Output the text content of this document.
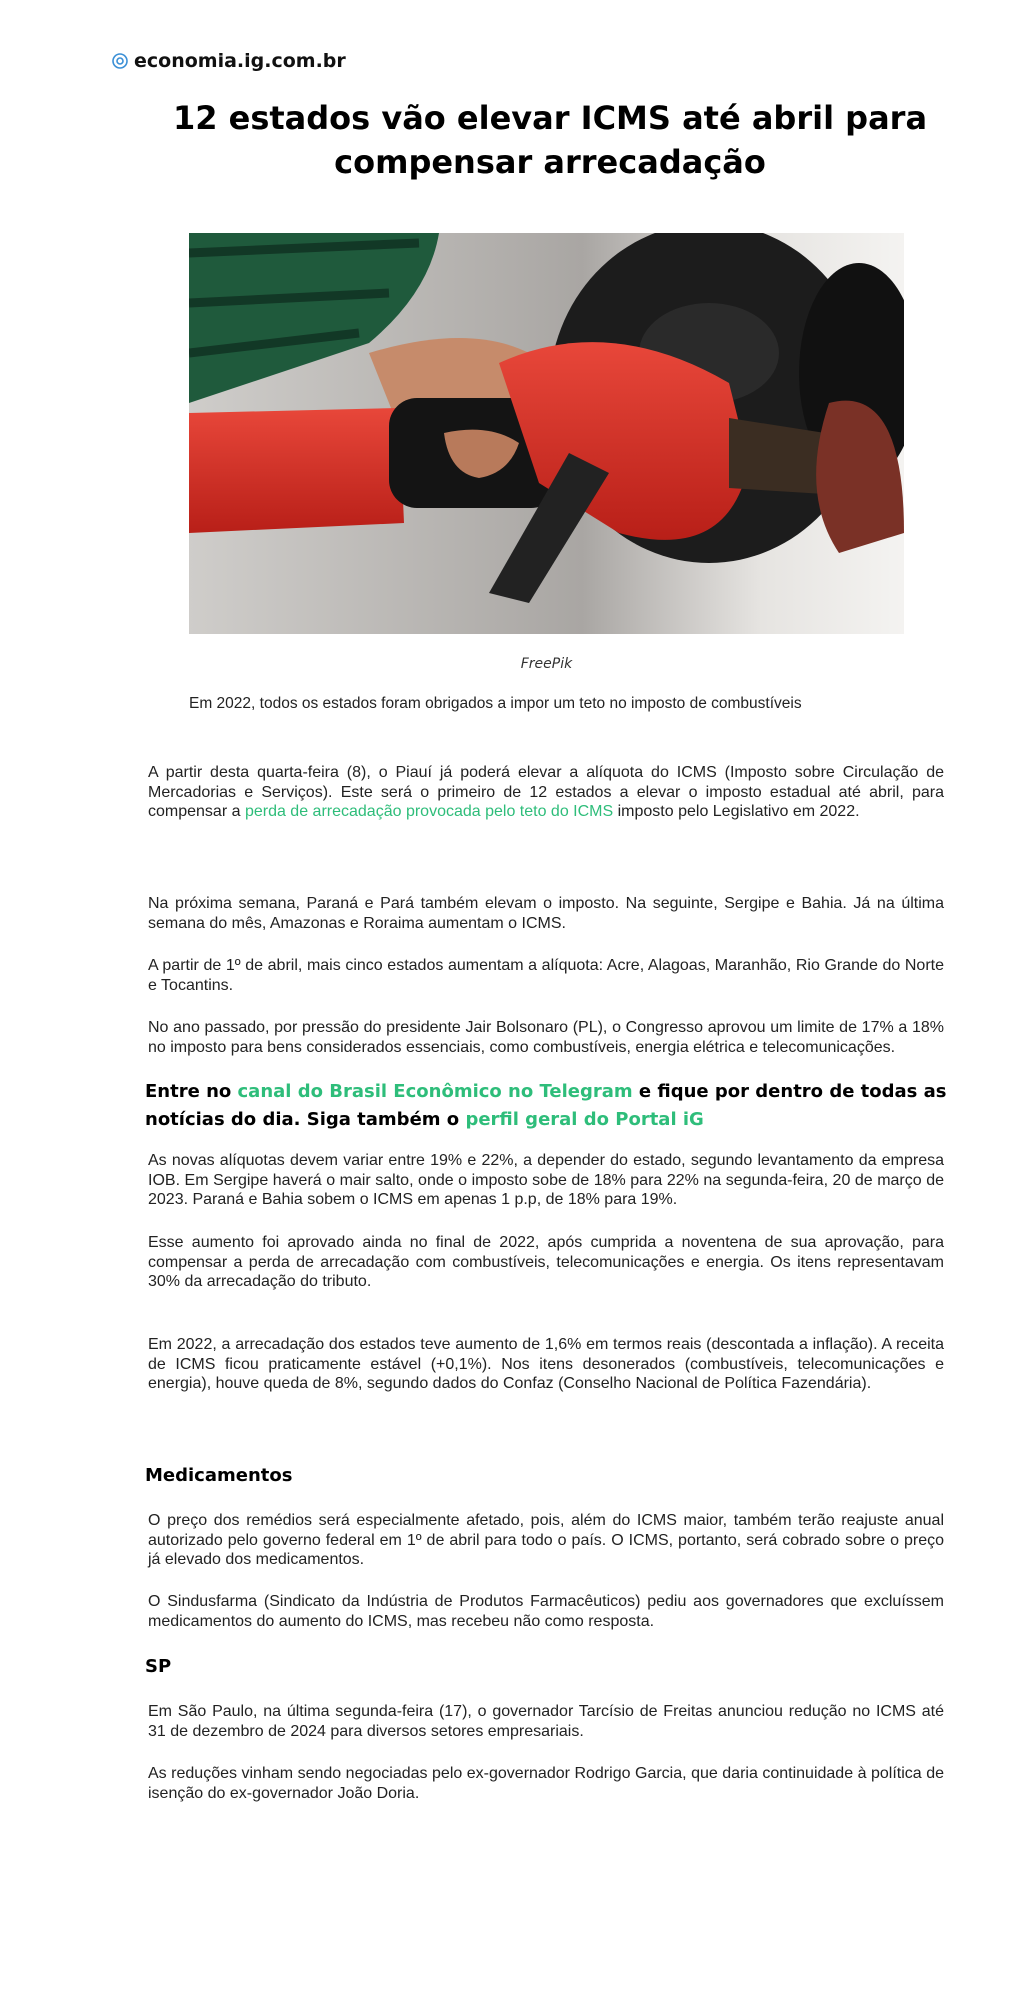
economia.ig.com.br
12 estados vão elevar ICMS até abril para compensar arrecadação
FreePik
Em 2022, todos os estados foram obrigados a impor um teto no imposto de combustíveis

A partir desta quarta-feira (8), o Piauí já poderá elevar a alíquota do ICMS (Imposto sobre Circulação de Mercadorias e Serviços). Este será o primeiro de 12 estados a elevar o imposto estadual até abril, para compensar a perda de arrecadação provocada pelo teto do ICMS imposto pelo Legislativo em 2022.

Na próxima semana, Paraná e Pará também elevam o imposto. Na seguinte, Sergipe e Bahia. Já na última semana do mês, Amazonas e Roraima aumentam o ICMS.

A partir de 1º de abril, mais cinco estados aumentam a alíquota: Acre, Alagoas, Maranhão, Rio Grande do Norte e Tocantins.

No ano passado, por pressão do presidente Jair Bolsonaro (PL), o Congresso aprovou um limite de 17% a 18% no imposto para bens considerados essenciais, como combustíveis, energia elétrica e telecomunicações.

Entre no canal do Brasil Econômico no Telegram e fique por dentro de todas as notícias do dia. Siga também o perfil geral do Portal iG

As novas alíquotas devem variar entre 19% e 22%, a depender do estado, segundo levantamento da empresa IOB. Em Sergipe haverá o mair salto, onde o imposto sobe de 18% para 22% na segunda-feira, 20 de março de 2023. Paraná e Bahia sobem o ICMS em apenas 1 p.p, de 18% para 19%.

Esse aumento foi aprovado ainda no final de 2022, após cumprida a noventena de sua aprovação, para compensar a perda de arrecadação com combustíveis, telecomunicações e energia. Os itens representavam 30% da arrecadação do tributo.

Em 2022, a arrecadação dos estados teve aumento de 1,6% em termos reais (descontada a inflação). A receita de ICMS ficou praticamente estável (+0,1%). Nos itens desonerados (combustíveis, telecomunicações e energia), houve queda de 8%, segundo dados do Confaz (Conselho Nacional de Política Fazendária).

Medicamentos

O preço dos remédios será especialmente afetado, pois, além do ICMS maior, também terão reajuste anual autorizado pelo governo federal em 1º de abril para todo o país. O ICMS, portanto, será cobrado sobre o preço já elevado dos medicamentos.

O Sindusfarma (Sindicato da Indústria de Produtos Farmacêuticos) pediu aos governadores que excluíssem medicamentos do aumento do ICMS, mas recebeu não como resposta.

SP

Em São Paulo, na última segunda-feira (17), o governador Tarcísio de Freitas anunciou redução no ICMS até 31 de dezembro de 2024 para diversos setores empresariais.

As reduções vinham sendo negociadas pelo ex-governador Rodrigo Garcia, que daria continuidade à política de isenção do ex-governador João Doria.
